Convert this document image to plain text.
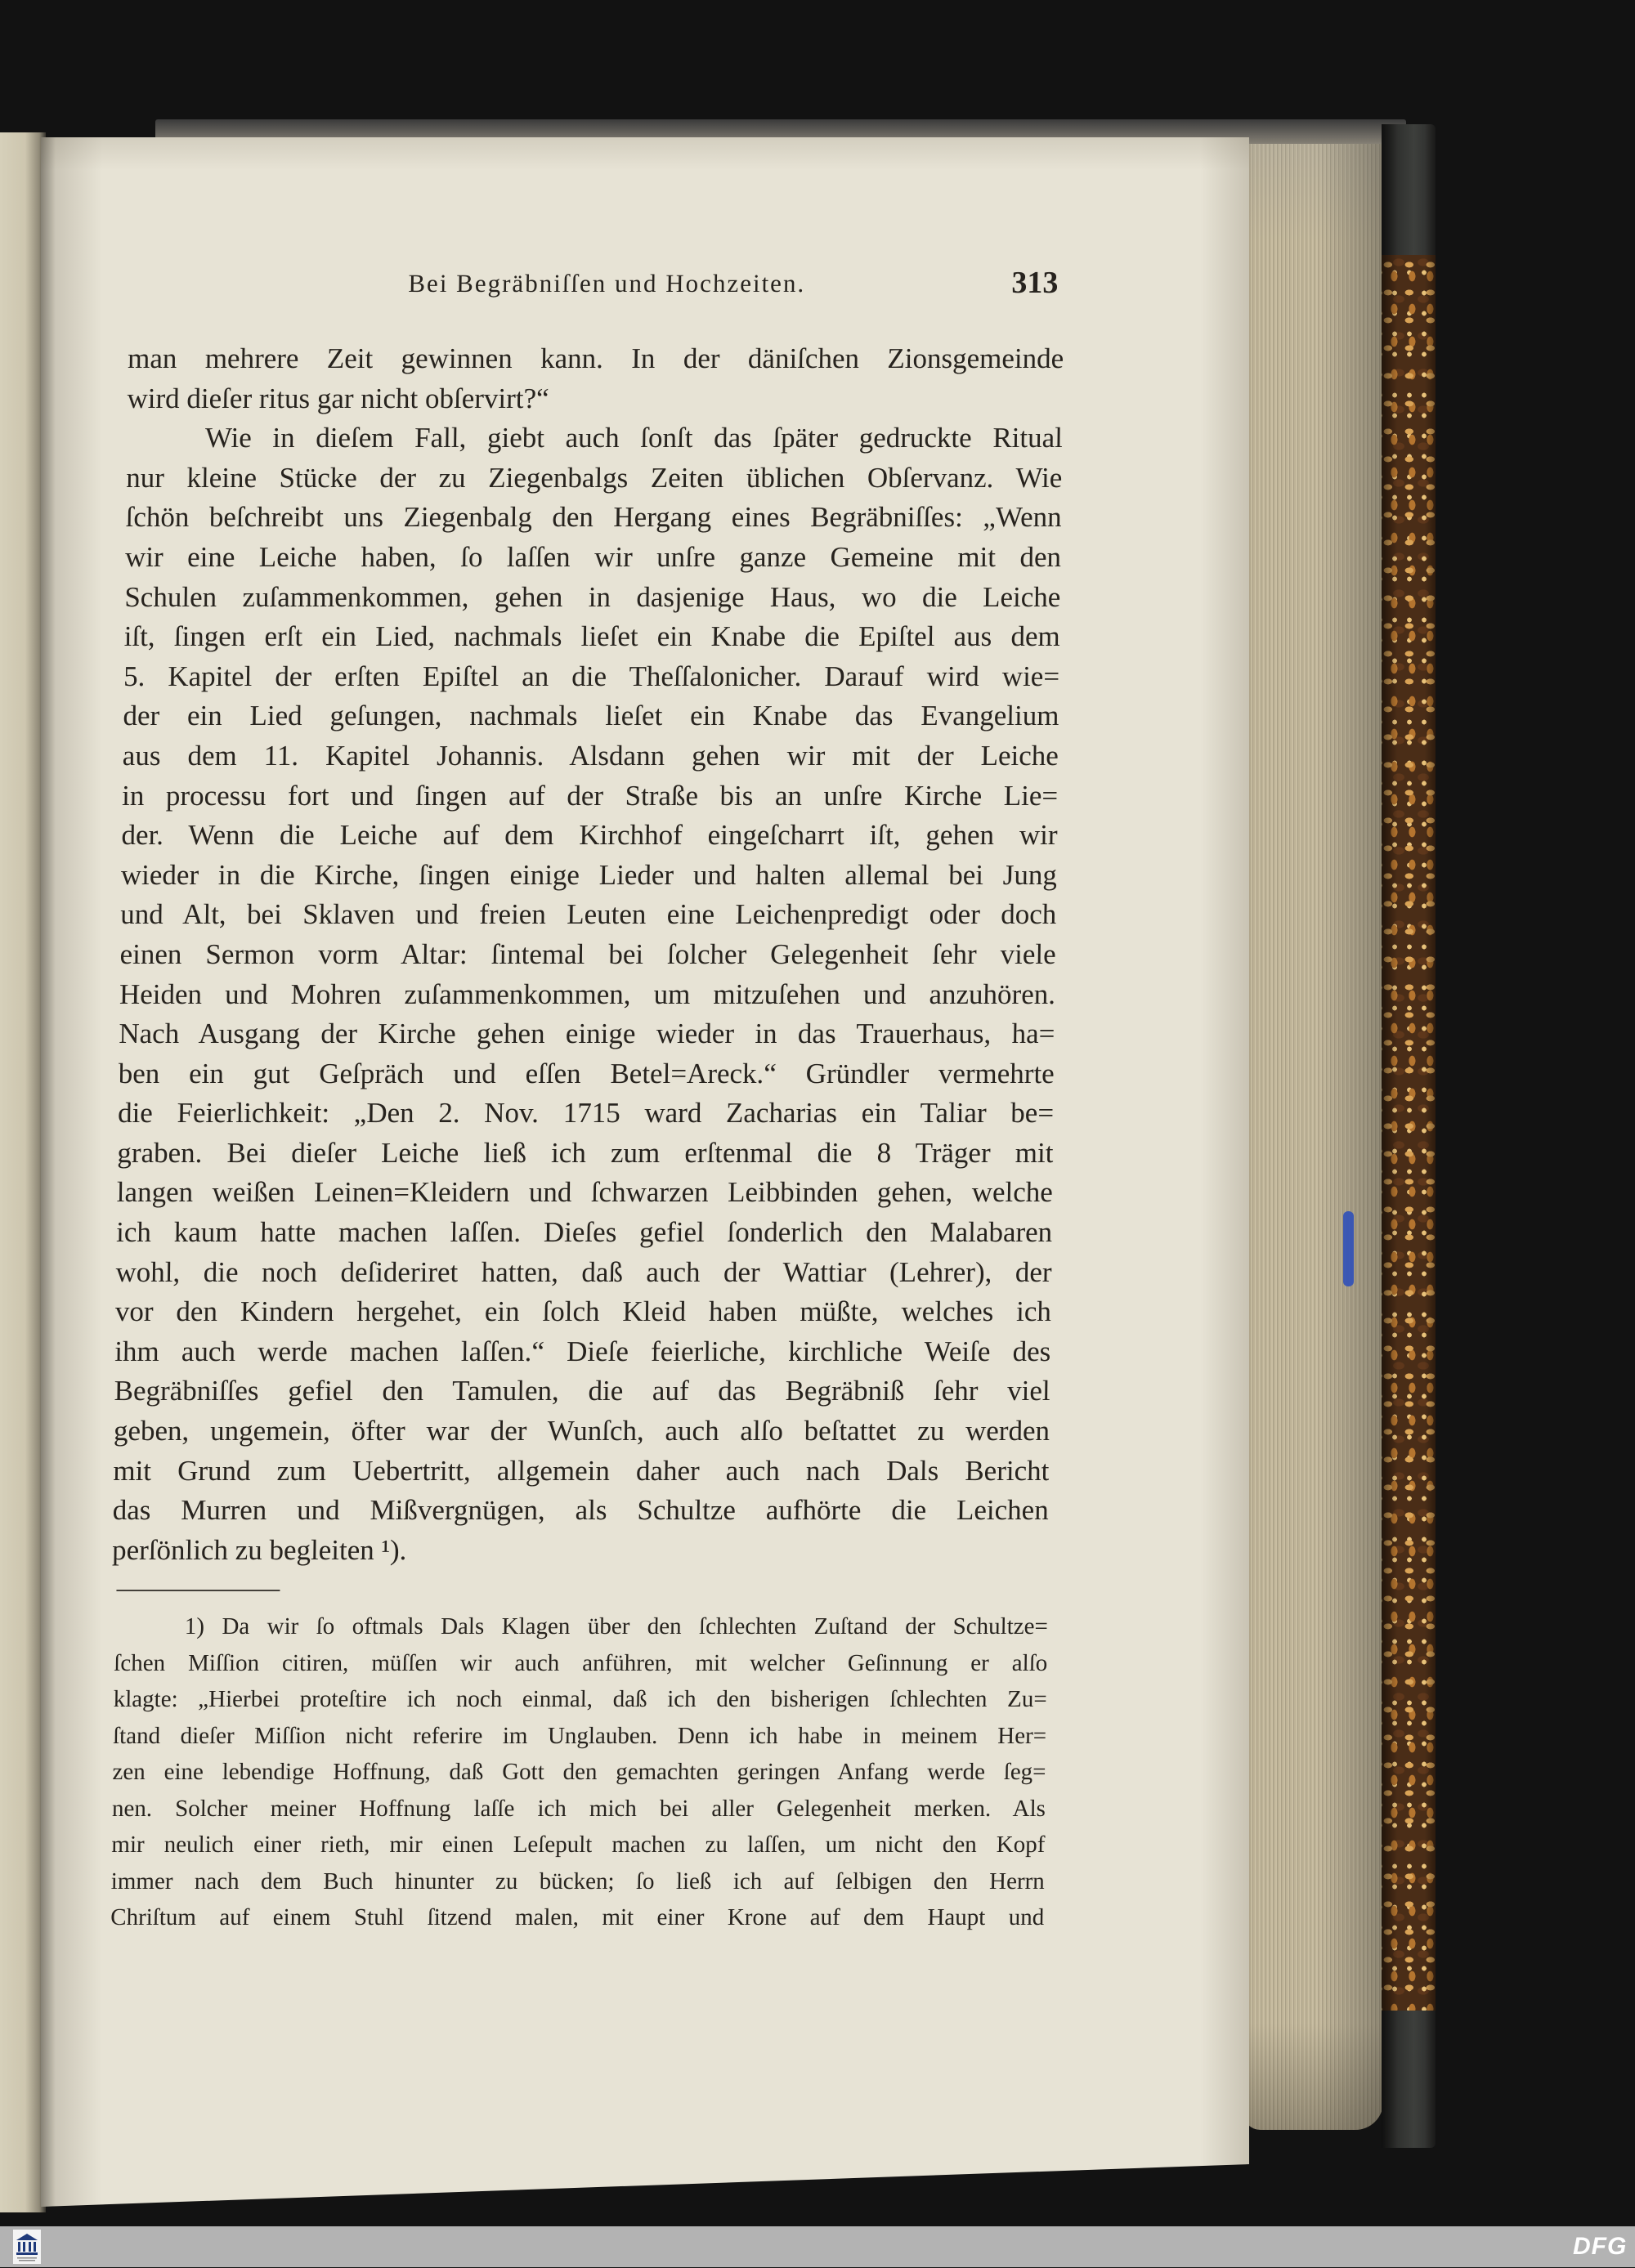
Bei Begräbniſſen und Hochzeiten.	313
man mehrere Zeit gewinnen kann. In der däniſchen Zionsgemeinde
wird dieſer ritus gar nicht obſervirt?“
Wie in dieſem Fall, giebt auch ſonſt das ſpäter gedruckte Ritual
nur kleine Stücke der zu Ziegenbalgs Zeiten üblichen Obſervanz. Wie
ſchön beſchreibt uns Ziegenbalg den Hergang eines Begräbniſſes: „Wenn
wir eine Leiche haben, ſo laſſen wir unſre ganze Gemeine mit den
Schulen zuſammenkommen, gehen in dasjenige Haus, wo die Leiche
iſt, ſingen erſt ein Lied, nachmals lieſet ein Knabe die Epiſtel aus dem
5. Kapitel der erſten Epiſtel an die Theſſalonicher. Darauf wird wie=
der ein Lied geſungen, nachmals lieſet ein Knabe das Evangelium
aus dem 11. Kapitel Johannis. Alsdann gehen wir mit der Leiche
in processu fort und ſingen auf der Straße bis an unſre Kirche Lie=
der. Wenn die Leiche auf dem Kirchhof eingeſcharrt iſt, gehen wir
wieder in die Kirche, ſingen einige Lieder und halten allemal bei Jung
und Alt, bei Sklaven und freien Leuten eine Leichenpredigt oder doch
einen Sermon vorm Altar: ſintemal bei ſolcher Gelegenheit ſehr viele
Heiden und Mohren zuſammenkommen, um mitzuſehen und anzuhören.
Nach Ausgang der Kirche gehen einige wieder in das Trauerhaus, ha=
ben ein gut Geſpräch und eſſen Betel=Areck.“ Gründler vermehrte
die Feierlichkeit: „Den 2. Nov. 1715 ward Zacharias ein Taliar be=
graben. Bei dieſer Leiche ließ ich zum erſtenmal die 8 Träger mit
langen weißen Leinen=Kleidern und ſchwarzen Leibbinden gehen, welche
ich kaum hatte machen laſſen. Dieſes gefiel ſonderlich den Malabaren
wohl, die noch deſideriret hatten, daß auch der Wattiar (Lehrer), der
vor den Kindern hergehet, ein ſolch Kleid haben müßte, welches ich
ihm auch werde machen laſſen.“ Dieſe feierliche, kirchliche Weiſe des
Begräbniſſes gefiel den Tamulen, die auf das Begräbniß ſehr viel
geben, ungemein, öfter war der Wunſch, auch alſo beſtattet zu werden
mit Grund zum Uebertritt, allgemein daher auch nach Dals Bericht
das Murren und Mißvergnügen, als Schultze aufhörte die Leichen
perſönlich zu begleiten ¹).
1) Da wir ſo oftmals Dals Klagen über den ſchlechten Zuſtand der Schultze=
ſchen Miſſion citiren, müſſen wir auch anführen, mit welcher Geſinnung er alſo
klagte: „Hierbei proteſtire ich noch einmal, daß ich den bisherigen ſchlechten Zu=
ſtand dieſer Miſſion nicht referire im Unglauben. Denn ich habe in meinem Her=
zen eine lebendige Hoffnung, daß Gott den gemachten geringen Anfang werde ſeg=
nen. Solcher meiner Hoffnung laſſe ich mich bei aller Gelegenheit merken. Als
mir neulich einer rieth, mir einen Leſepult machen zu laſſen, um nicht den Kopf
immer nach dem Buch hinunter zu bücken; ſo ließ ich auf ſelbigen den Herrn
Chriſtum auf einem Stuhl ſitzend malen, mit einer Krone auf dem Haupt und
DFG
